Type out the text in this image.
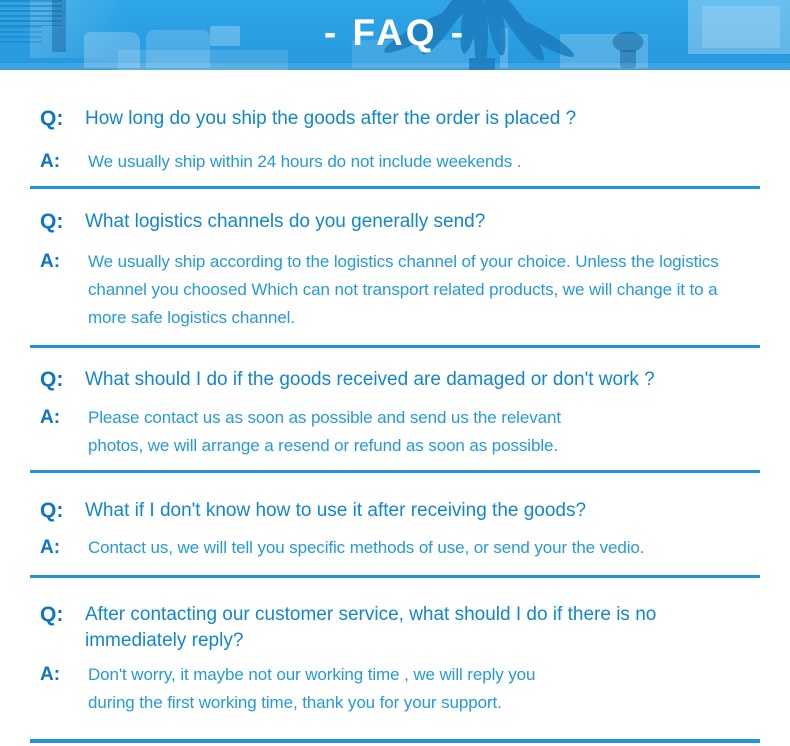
- FAQ -
Q:	How long do you ship the goods after the order is placed ?
A:	We usually ship within 24 hours do not include weekends .
Q:	What logistics channels do you generally send?
A:	We usually ship according to the logistics channel of your choice. Unless the logistics
channel you choosed Which can not transport related products, we will change it to a
more safe logistics channel.
Q:	What should I do if the goods received are damaged or don't work ?
A:	Please contact us as soon as possible and send us the relevant
photos, we will arrange a resend or refund as soon as possible.
Q:	What if I don't know how to use it after receiving the goods?
A:	Contact us, we will tell you specific methods of use, or send your the vedio.
Q:	After contacting our customer service, what should I do if there is no
immediately reply?
A:	Don't worry, it maybe not our working time , we will reply you
during the first working time, thank you for your support.
